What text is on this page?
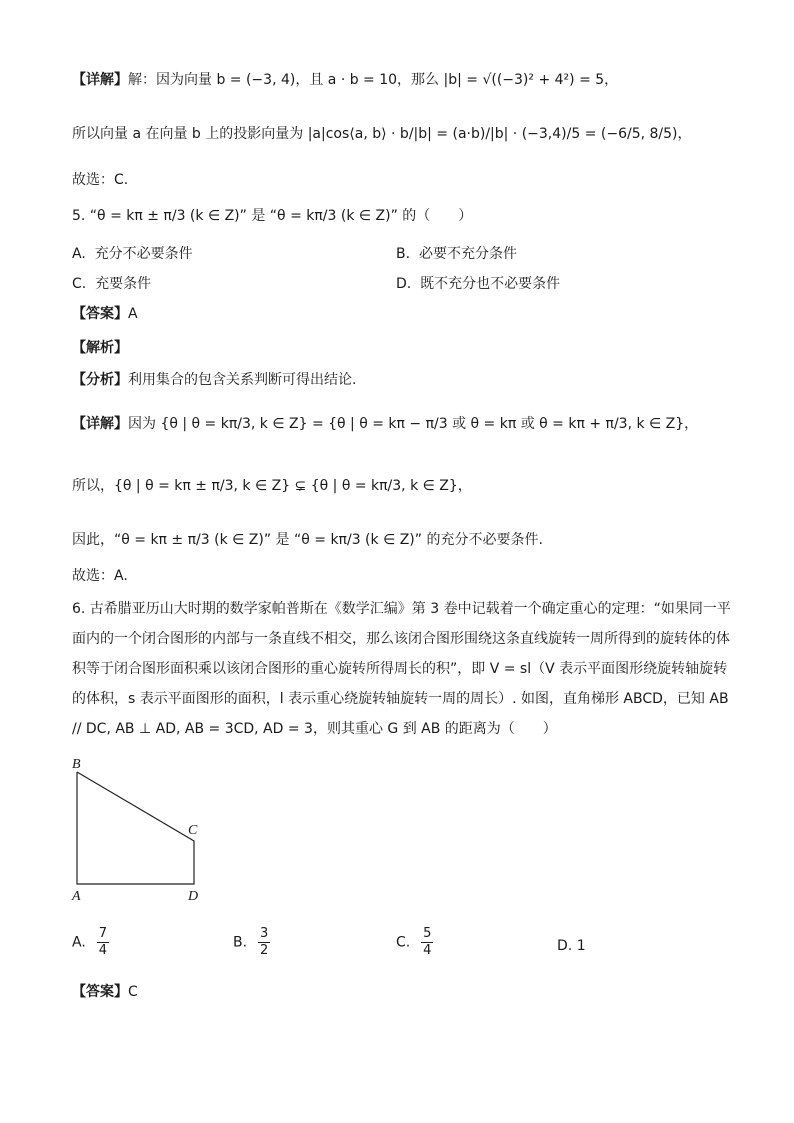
【详解】解：因为向量 b = (−3, 4)，且 a · b = 10，那么 |b| = √((−3)² + 4²) = 5，
所以向量 a 在向量 b 上的投影向量为 |a|cos⟨a, b⟩ · b/|b| = (a·b)/|b| · (−3,4)/5 = (−6/5, 8/5)，
故选：C.
5. “θ = kπ ± π/3 (k ∈ Z)” 是 “θ = kπ/3 (k ∈ Z)” 的（　　）
A. 充分不必要条件	B. 必要不充分条件
C. 充要条件	D. 既不充分也不必要条件
【答案】A
【解析】
【分析】利用集合的包含关系判断可得出结论.
【详解】因为 {θ | θ = kπ/3, k ∈ Z} = {θ | θ = kπ − π/3 或 θ = kπ 或 θ = kπ + π/3, k ∈ Z}，
所以，{θ | θ = kπ ± π/3, k ∈ Z} ⊊ {θ | θ = kπ/3, k ∈ Z}，
因此，“θ = kπ ± π/3 (k ∈ Z)” 是 “θ = kπ/3 (k ∈ Z)” 的充分不必要条件.
故选：A.
6. 古希腊亚历山大时期的数学家帕普斯在《数学汇编》第 3 卷中记载着一个确定重心的定理：“如果同一平面内的一个闭合图形的内部与一条直线不相交，那么该闭合图形围绕这条直线旋转一周所得到的旋转体的体积等于闭合图形面积乘以该闭合图形的重心旋转所得周长的积”，即 V = sl（V 表示平面图形绕旋转轴旋转的体积，s 表示平面图形的面积，l 表示重心绕旋转轴旋转一周的周长）. 如图，直角梯形 ABCD，已知 AB // DC, AB ⊥ AD, AB = 3CD, AD = 3，则其重心 G 到 AB 的距离为（　　）
B
C
A	D
A. $\frac{7}{4}$	B. $\frac{3}{2}$	C. $\frac{5}{4}$	D. 1
【答案】C
